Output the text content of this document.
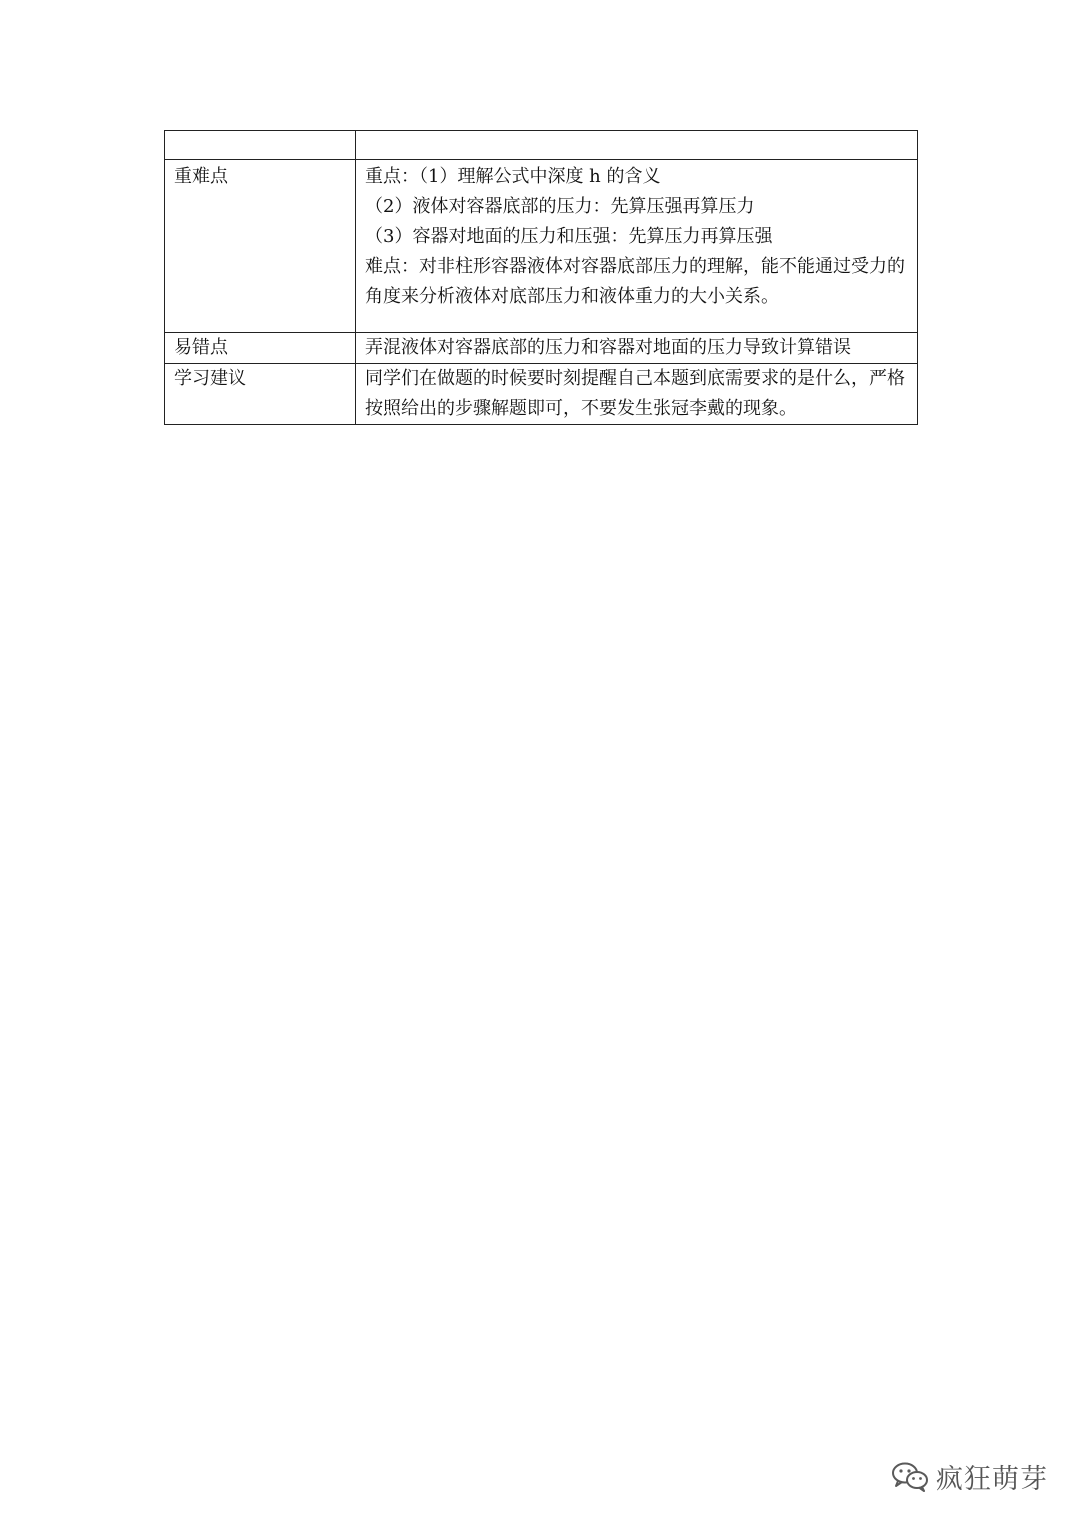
重难点	重点：（1）理解公式中深度 h 的含义
（2）液体对容器底部的压力：先算压强再算压力
（3）容器对地面的压力和压强：先算压力再算压强
难点：对非柱形容器液体对容器底部压力的理解，能不能通过受力的角度来分析液体对底部压力和液体重力的大小关系。

易错点	弄混液体对容器底部的压力和容器对地面的压力导致计算错误
学习建议	同学们在做题的时候要时刻提醒自己本题到底需要求的是什么，严格按照给出的步骤解题即可，不要发生张冠李戴的现象。
疯狂萌芽
